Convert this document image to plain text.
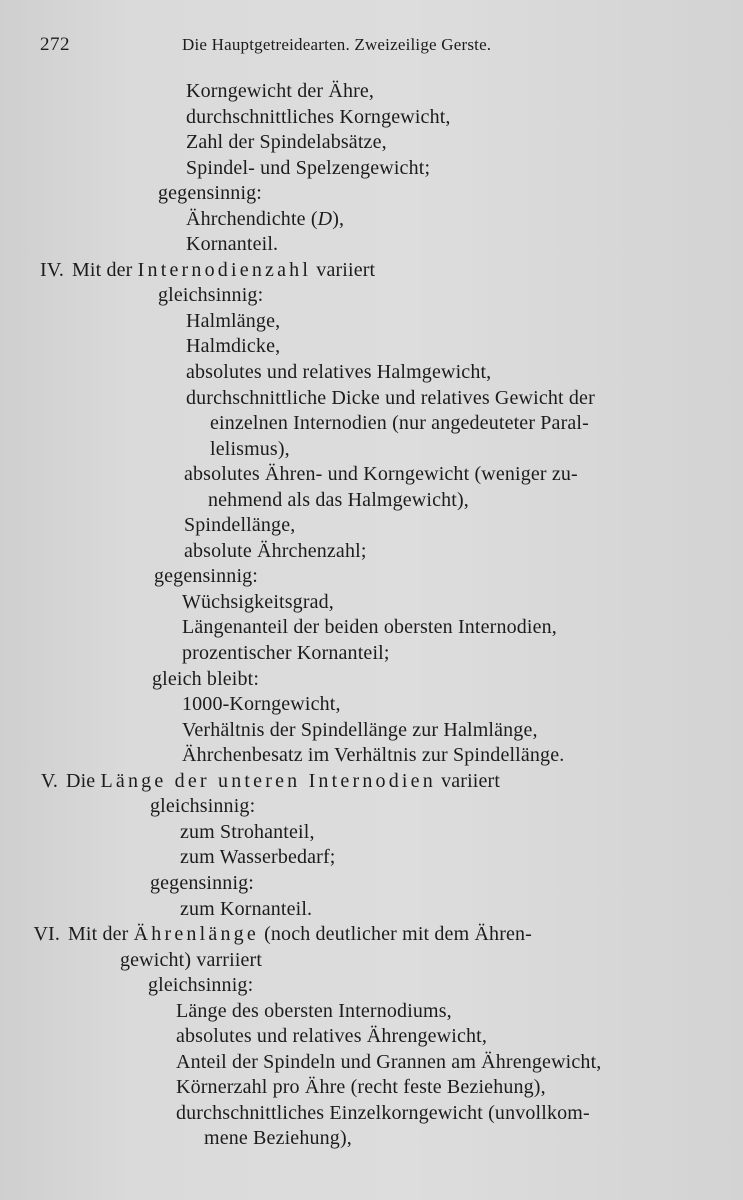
272	Die Hauptgetreidearten. Zweizeilige Gerste.
Korngewicht der Ähre,
durchschnittliches Korngewicht,
Zahl der Spindelabsätze,
Spindel- und Spelzengewicht;
gegensinnig:
Ährchendichte (D),
Kornanteil.
IV. Mit der Internodienzahl variiert
gleichsinnig:
Halmlänge,
Halmdicke,
absolutes und relatives Halmgewicht,
durchschnittliche Dicke und relatives Gewicht der
einzelnen Internodien (nur angedeuteter Paral-
lelismus),
absolutes Ähren- und Korngewicht (weniger zu-
nehmend als das Halmgewicht),
Spindellänge,
absolute Ährchenzahl;
gegensinnig:
Wüchsigkeitsgrad,
Längenanteil der beiden obersten Internodien,
prozentischer Kornanteil;
gleich bleibt:
1000-Korngewicht,
Verhältnis der Spindellänge zur Halmlänge,
Ährchenbesatz im Verhältnis zur Spindellänge.
V. Die Länge der unteren Internodien variiert
gleichsinnig:
zum Strohanteil,
zum Wasserbedarf;
gegensinnig:
zum Kornanteil.
VI. Mit der Ährenlänge (noch deutlicher mit dem Ähren-
gewicht) varriiert
gleichsinnig:
Länge des obersten Internodiums,
absolutes und relatives Ährengewicht,
Anteil der Spindeln und Grannen am Ährengewicht,
Körnerzahl pro Ähre (recht feste Beziehung),
durchschnittliches Einzelkorngewicht (unvollkom-
mene Beziehung),
